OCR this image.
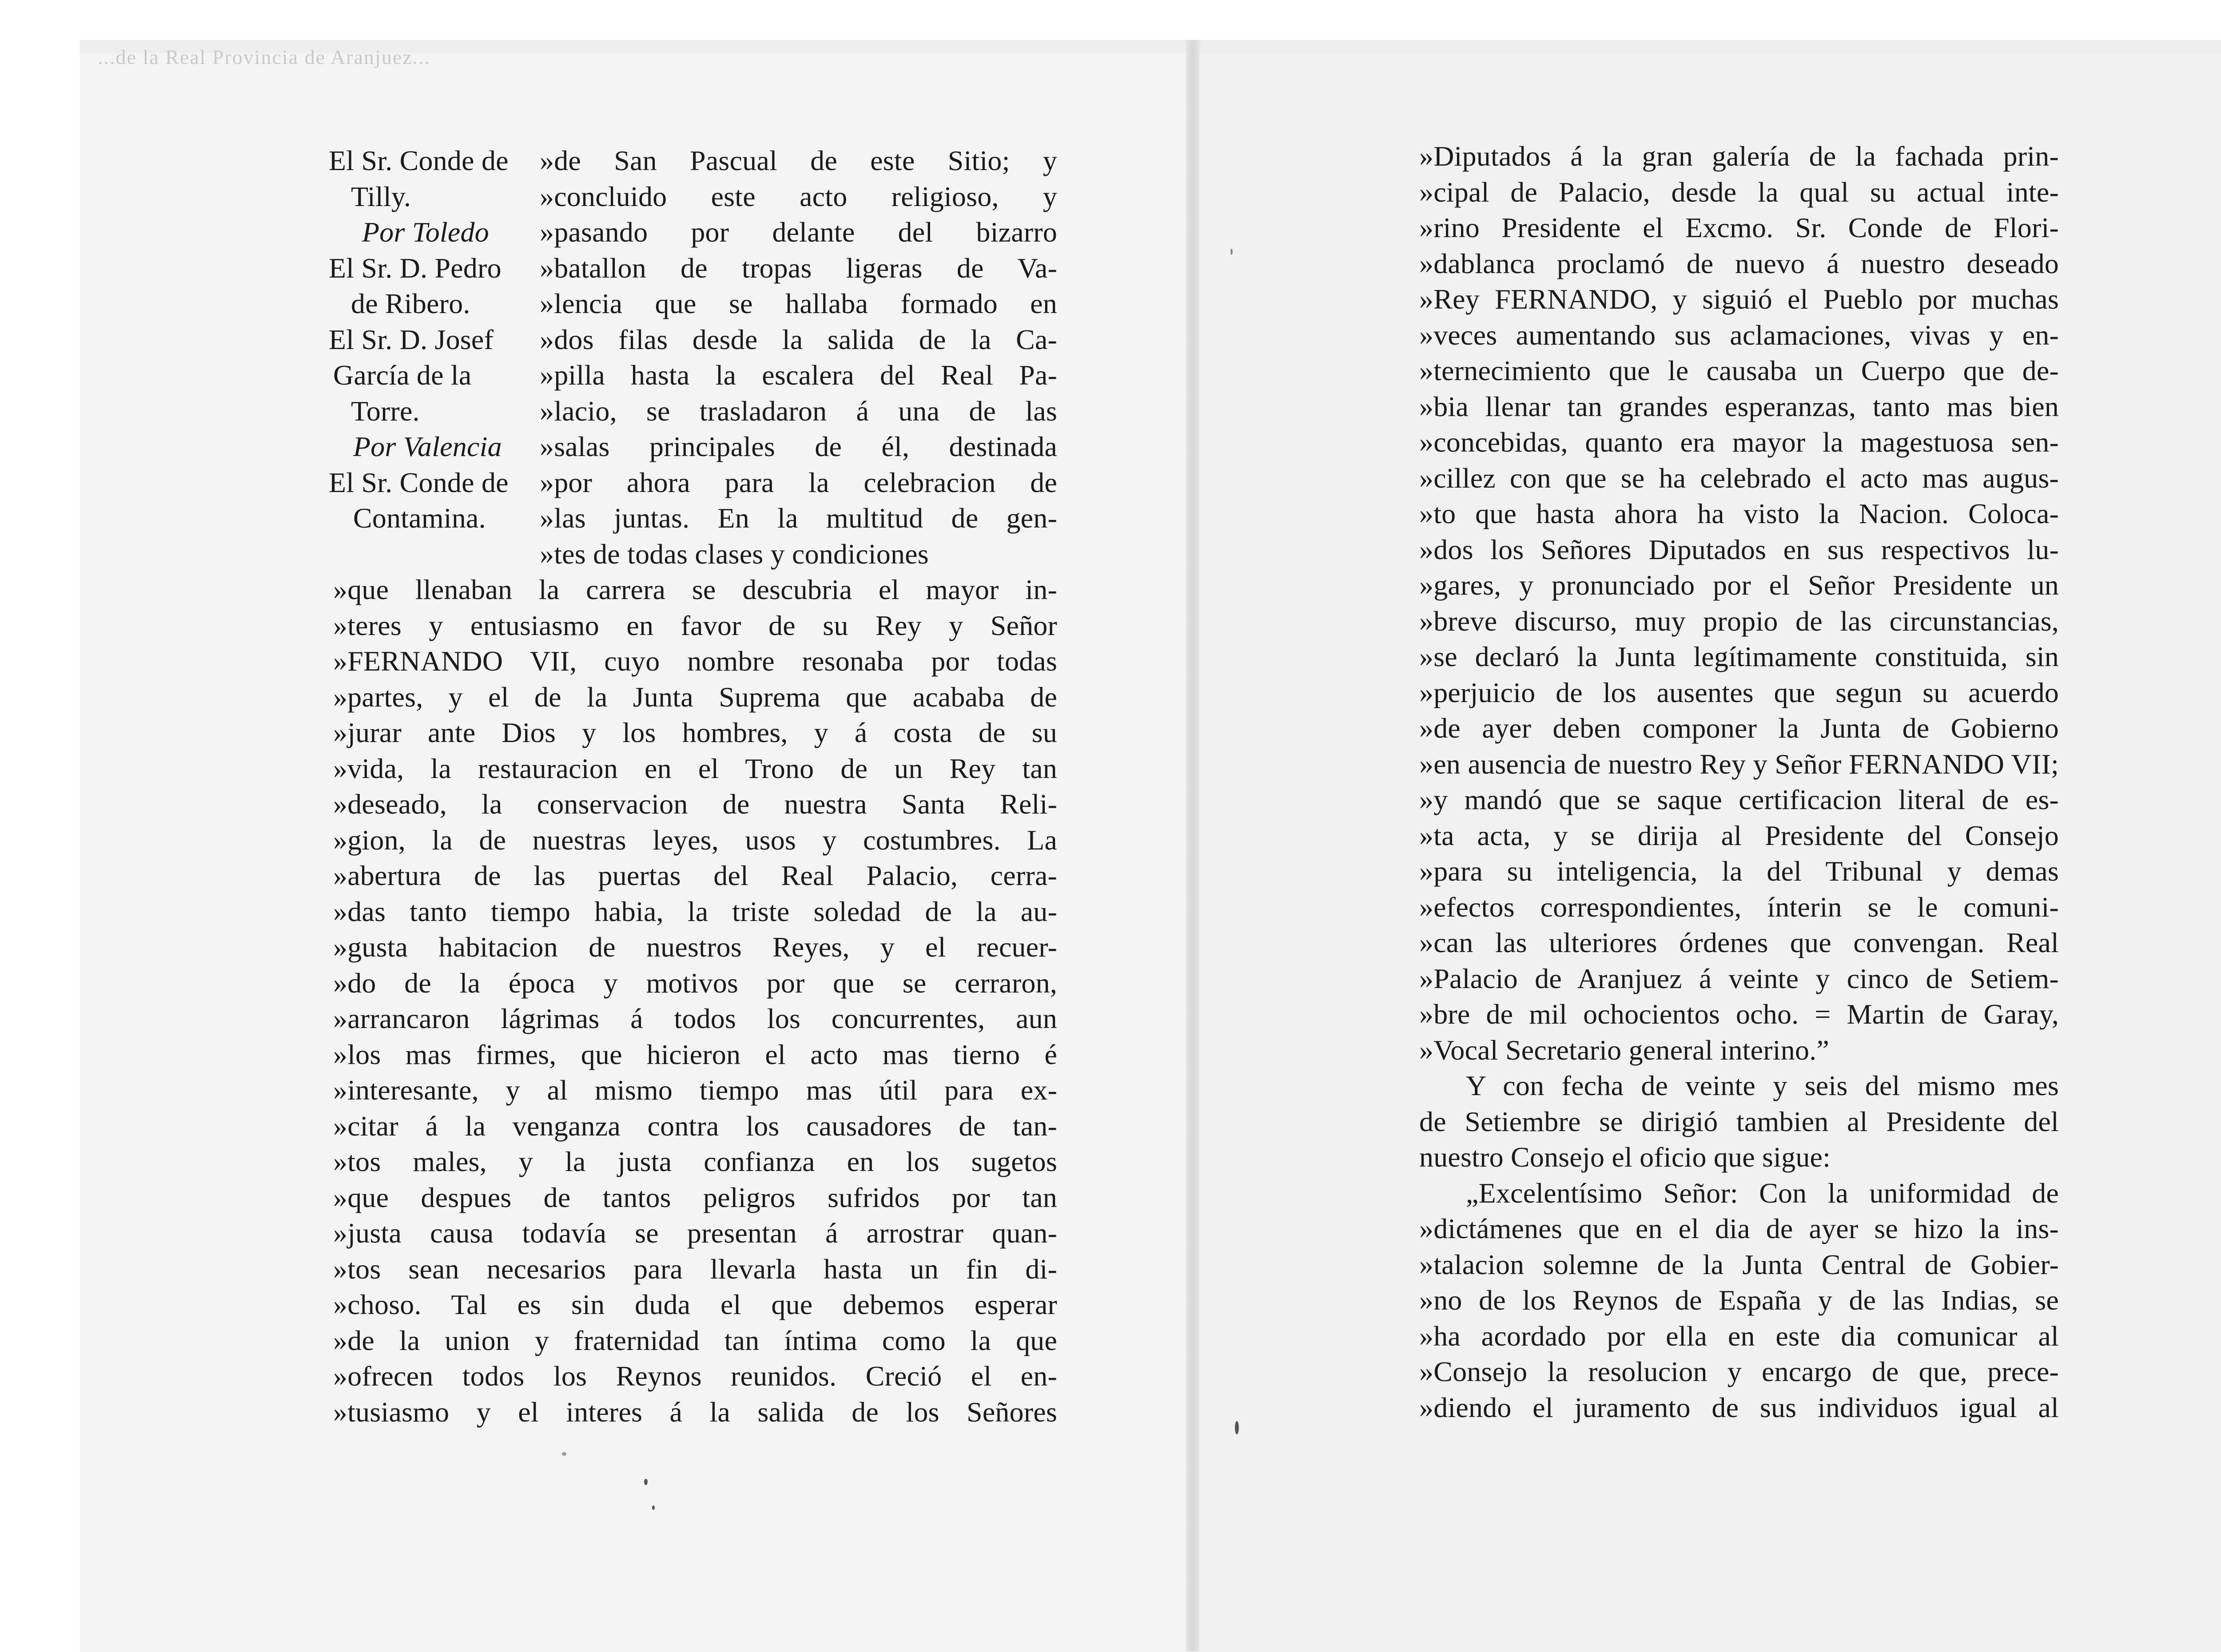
...de la Real Provincia de Aranjuez...
El Sr. Conde de
Tilly.
Por Toledo
El Sr. D. Pedro
de Ribero.
El Sr. D. Josef
García de la
Torre.
Por Valencia
El Sr. Conde de
Contamina.
»de San Pascual de este Sitio; y
»concluido este acto religioso, y
»pasando por delante del bizarro
»batallon de tropas ligeras de Va-
»lencia que se hallaba formado en
»dos filas desde la salida de la Ca-
»pilla hasta la escalera del Real Pa-
»lacio, se trasladaron á una de las
»salas principales de él, destinada
»por ahora para la celebracion de
»las juntas. En la multitud de gen-
»tes de todas clases y condiciones
»que llenaban la carrera se descubria el mayor in-
»teres y entusiasmo en favor de su Rey y Señor
»FERNANDO VII, cuyo nombre resonaba por todas
»partes, y el de la Junta Suprema que acababa de
»jurar ante Dios y los hombres, y á costa de su
»vida, la restauracion en el Trono de un Rey tan
»deseado, la conservacion de nuestra Santa Reli-
»gion, la de nuestras leyes, usos y costumbres. La
»abertura de las puertas del Real Palacio, cerra-
»das tanto tiempo habia, la triste soledad de la au-
»gusta habitacion de nuestros Reyes, y el recuer-
»do de la época y motivos por que se cerraron,
»arrancaron lágrimas á todos los concurrentes, aun
»los mas firmes, que hicieron el acto mas tierno é
»interesante, y al mismo tiempo mas útil para ex-
»citar á la venganza contra los causadores de tan-
»tos males, y la justa confianza en los sugetos
»que despues de tantos peligros sufridos por tan
»justa causa todavía se presentan á arrostrar quan-
»tos sean necesarios para llevarla hasta un fin di-
»choso. Tal es sin duda el que debemos esperar
»de la union y fraternidad tan íntima como la que
»ofrecen todos los Reynos reunidos. Creció el en-
»tusiasmo y el interes á la salida de los Señores
»Diputados á la gran galería de la fachada prin-
»cipal de Palacio, desde la qual su actual inte-
»rino Presidente el Excmo. Sr. Conde de Flori-
»dablanca proclamó de nuevo á nuestro deseado
»Rey FERNANDO, y siguió el Pueblo por muchas
»veces aumentando sus aclamaciones, vivas y en-
»ternecimiento que le causaba un Cuerpo que de-
»bia llenar tan grandes esperanzas, tanto mas bien
»concebidas, quanto era mayor la magestuosa sen-
»cillez con que se ha celebrado el acto mas augus-
»to que hasta ahora ha visto la Nacion. Coloca-
»dos los Señores Diputados en sus respectivos lu-
»gares, y pronunciado por el Señor Presidente un
»breve discurso, muy propio de las circunstancias,
»se declaró la Junta legítimamente constituida, sin
»perjuicio de los ausentes que segun su acuerdo
»de ayer deben componer la Junta de Gobierno
»en ausencia de nuestro Rey y Señor FERNANDO VII;
»y mandó que se saque certificacion literal de es-
»ta acta, y se dirija al Presidente del Consejo
»para su inteligencia, la del Tribunal y demas
»efectos correspondientes, ínterin se le comuni-
»can las ulteriores órdenes que convengan. Real
»Palacio de Aranjuez á veinte y cinco de Setiem-
»bre de mil ochocientos ocho. = Martin de Garay,
»Vocal Secretario general interino.”
Y con fecha de veinte y seis del mismo mes
de Setiembre se dirigió tambien al Presidente del
nuestro Consejo el oficio que sigue:
„Excelentísimo Señor: Con la uniformidad de
»dictámenes que en el dia de ayer se hizo la ins-
»talacion solemne de la Junta Central de Gobier-
»no de los Reynos de España y de las Indias, se
»ha acordado por ella en este dia comunicar al
»Consejo la resolucion y encargo de que, prece-
»diendo el juramento de sus individuos igual al
